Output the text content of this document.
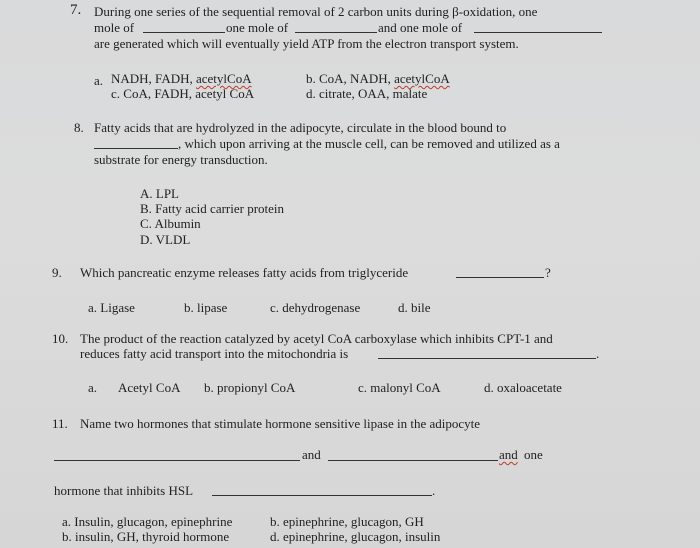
7. During one series of the sequential removal of 2 carbon units during β-oxidation, one
mole of	one mole of	and one mole of
are generated which will eventually yield ATP from the electron transport system.
a. NADH, FADH, acetylCoA	b. CoA, NADH, acetylCoA
c. CoA, FADH, acetyl CoA	d. citrate, OAA, malate
8. Fatty acids that are hydrolyzed in the adipocyte, circulate in the blood bound to
, which upon arriving at the muscle cell, can be removed and utilized as a
substrate for energy transduction.
A. LPL
B. Fatty acid carrier protein
C. Albumin
D. VLDL
9. Which pancreatic enzyme releases fatty acids from triglyceride	?
a. Ligase	b. lipase	c. dehydrogenase	d. bile
10. The product of the reaction catalyzed by acetyl CoA carboxylase which inhibits CPT-1 and
reduces fatty acid transport into the mitochondria is	.
a. Acetyl CoA b. propionyl CoA	c. malonyl CoA	d. oxaloacetate
11. Name two hormones that stimulate hormone sensitive lipase in the adipocyte
and	and one
hormone that inhibits HSL	.
a. Insulin, glucagon, epinephrine	b. epinephrine, glucagon, GH
b. insulin, GH, thyroid hormone	d. epinephrine, glucagon, insulin
